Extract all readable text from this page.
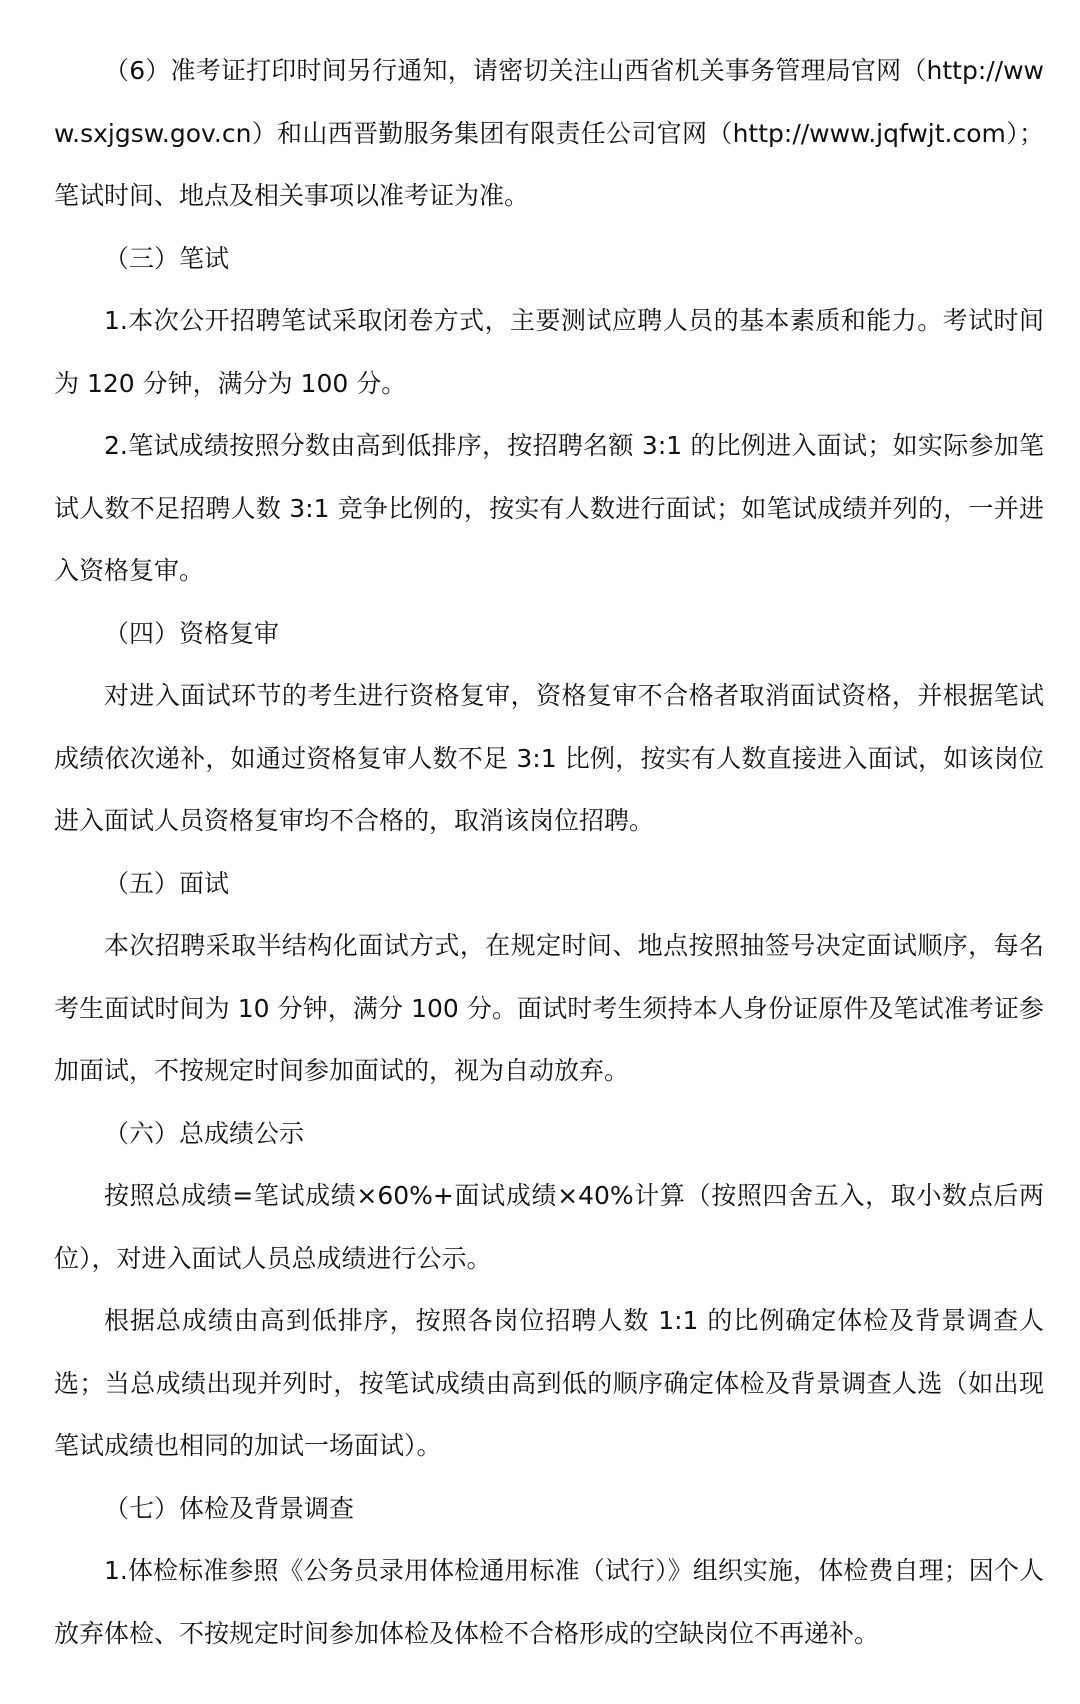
（6）准考证打印时间另行通知，请密切关注山西省机关事务管理局官网（http://www.sxjgsw.gov.cn）和山西晋勤服务集团有限责任公司官网（http://www.jqfwjt.com）；笔试时间、地点及相关事项以准考证为准。

（三）笔试

1.本次公开招聘笔试采取闭卷方式，主要测试应聘人员的基本素质和能力。考试时间为 120 分钟，满分为 100 分。

2.笔试成绩按照分数由高到低排序，按招聘名额 3:1 的比例进入面试；如实际参加笔试人数不足招聘人数 3:1 竞争比例的，按实有人数进行面试；如笔试成绩并列的，一并进入资格复审。

（四）资格复审

对进入面试环节的考生进行资格复审，资格复审不合格者取消面试资格，并根据笔试成绩依次递补，如通过资格复审人数不足 3:1 比例，按实有人数直接进入面试，如该岗位进入面试人员资格复审均不合格的，取消该岗位招聘。

（五）面试

本次招聘采取半结构化面试方式，在规定时间、地点按照抽签号决定面试顺序，每名考生面试时间为 10 分钟，满分 100 分。面试时考生须持本人身份证原件及笔试准考证参加面试，不按规定时间参加面试的，视为自动放弃。

（六）总成绩公示

按照总成绩=笔试成绩×60%+面试成绩×40%计算（按照四舍五入，取小数点后两位），对进入面试人员总成绩进行公示。

根据总成绩由高到低排序，按照各岗位招聘人数 1:1 的比例确定体检及背景调查人选；当总成绩出现并列时，按笔试成绩由高到低的顺序确定体检及背景调查人选（如出现笔试成绩也相同的加试一场面试）。

（七）体检及背景调查

1.体检标准参照《公务员录用体检通用标准（试行）》组织实施，体检费自理；因个人放弃体检、不按规定时间参加体检及体检不合格形成的空缺岗位不再递补。
